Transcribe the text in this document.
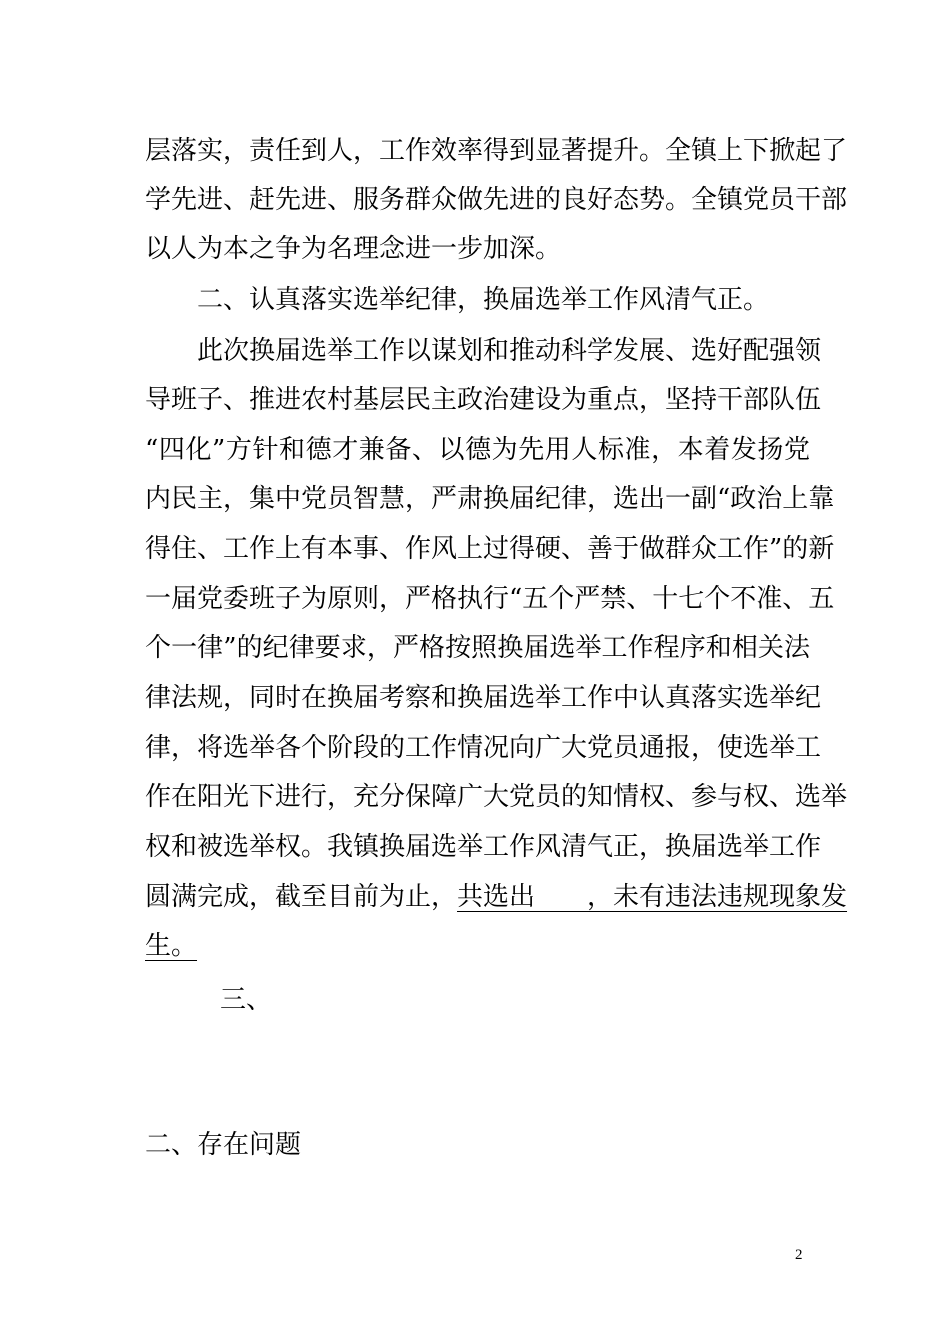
层落实，责任到人，工作效率得到显著提升。全镇上下掀起了
学先进、赶先进、服务群众做先进的良好态势。全镇党员干部
以人为本之争为名理念进一步加深。
二、认真落实选举纪律，换届选举工作风清气正。
此次换届选举工作以谋划和推动科学发展、选好配强领
导班子、推进农村基层民主政治建设为重点，坚持干部队伍
“四化”方针和德才兼备、以德为先用人标准，本着发扬党
内民主，集中党员智慧，严肃换届纪律，选出一副“政治上靠
得住、工作上有本事、作风上过得硬、善于做群众工作”的新
一届党委班子为原则，严格执行“五个严禁、十七个不准、五
个一律”的纪律要求，严格按照换届选举工作程序和相关法
律法规，同时在换届考察和换届选举工作中认真落实选举纪
律，将选举各个阶段的工作情况向广大党员通报，使选举工
作在阳光下进行，充分保障广大党员的知情权、参与权、选举
权和被选举权。我镇换届选举工作风清气正，换届选举工作
圆满完成，截至目前为止，共选出　　，未有违法违规现象发
生。
三、
二、存在问题
2
